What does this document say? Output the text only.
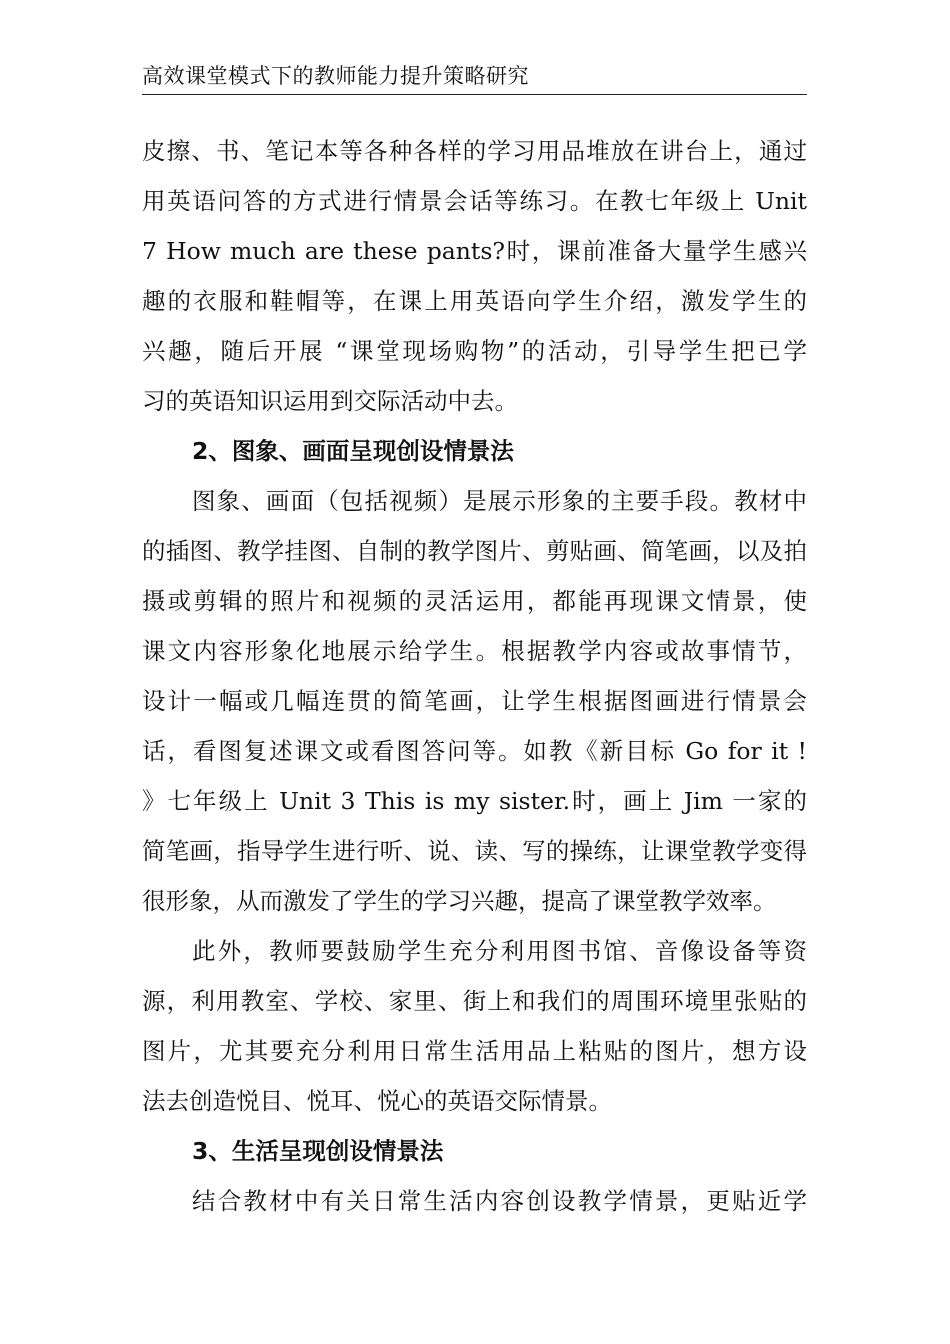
高效课堂模式下的教师能力提升策略研究
皮擦、书、笔记本等各种各样的学习用品堆放在讲台上，通过
用英语问答的方式进行情景会话等练习。在教七年级上 Unit
7 How much are these pants?时，课前准备大量学生感兴
趣的衣服和鞋帽等，在课上用英语向学生介绍，激发学生的
兴趣，随后开展 “课堂现场购物”的活动，引导学生把已学
习的英语知识运用到交际活动中去。
2、图象、画面呈现创设情景法
图象、画面（包括视频）是展示形象的主要手段。教材中
的插图、教学挂图、自制的教学图片、剪贴画、简笔画，以及拍
摄或剪辑的照片和视频的灵活运用，都能再现课文情景，使
课文内容形象化地展示给学生。根据教学内容或故事情节，
设计一幅或几幅连贯的简笔画，让学生根据图画进行情景会
话，看图复述课文或看图答问等。如教《新目标 Go for it !
》七年级上 Unit 3 This is my sister.时，画上 Jim 一家的
简笔画，指导学生进行听、说、读、写的操练，让课堂教学变得
很形象，从而激发了学生的学习兴趣，提高了课堂教学效率。
此外，教师要鼓励学生充分利用图书馆、音像设备等资
源，利用教室、学校、家里、街上和我们的周围环境里张贴的
图片，尤其要充分利用日常生活用品上粘贴的图片，想方设
法去创造悦目、悦耳、悦心的英语交际情景。
3、生活呈现创设情景法
结合教材中有关日常生活内容创设教学情景，更贴近学
